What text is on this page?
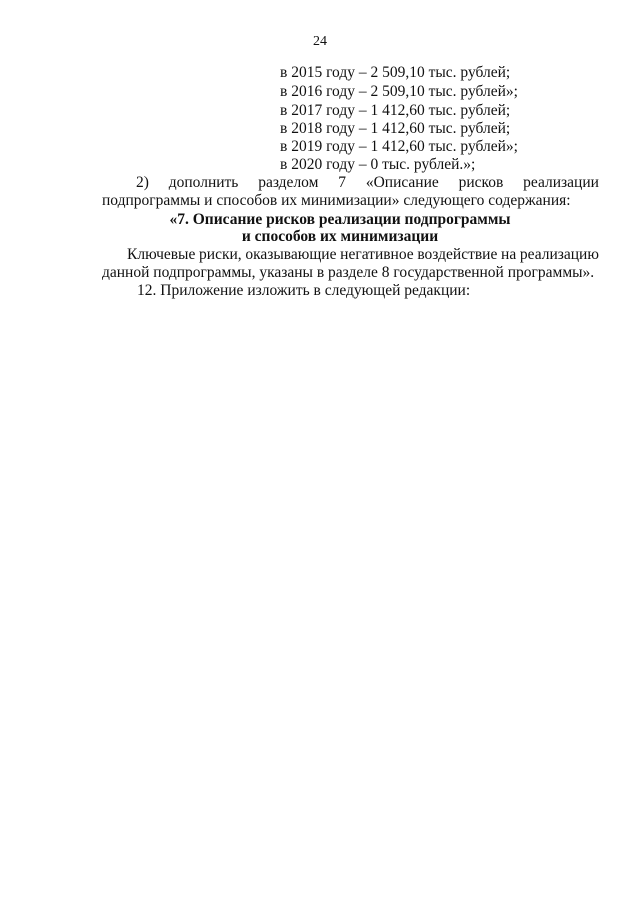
24
в 2015 году – 2 509,10 тыс. рублей;
в 2016 году – 2 509,10 тыс. рублей»;
в 2017 году – 1 412,60 тыс. рублей;
в 2018 году – 1 412,60 тыс. рублей;
в 2019 году – 1 412,60 тыс. рублей»;
в 2020 году – 0 тыс. рублей.»;
2) дополнить разделом 7 «Описание рисков реализации
подпрограммы и способов их минимизации» следующего содержания:
«7. Описание рисков реализации подпрограммы
и способов их минимизации
Ключевые риски, оказывающие негативное воздействие на реализацию
данной подпрограммы, указаны в разделе 8 государственной программы».
12. Приложение изложить в следующей редакции:
